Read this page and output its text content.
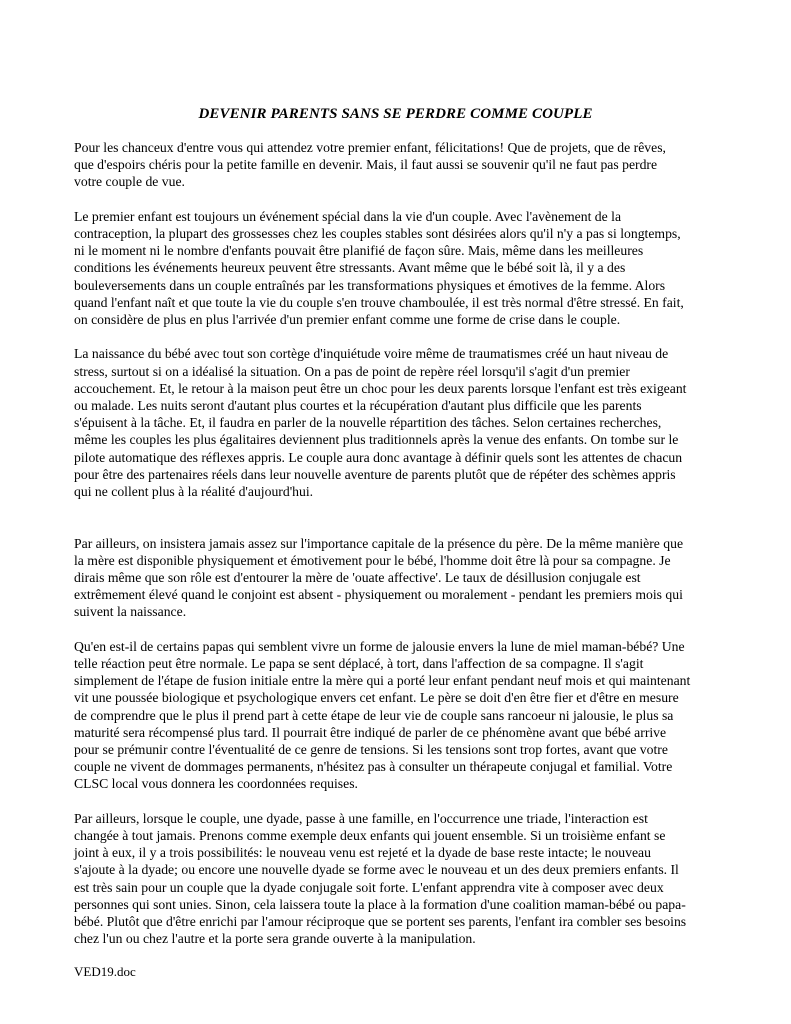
DEVENIR PARENTS SANS SE PERDRE COMME COUPLE

Pour les chanceux d'entre vous qui attendez votre premier enfant, félicitations! Que de projets, que de rêves,
que d'espoirs chéris pour la petite famille en devenir. Mais, il faut aussi se souvenir qu'il ne faut pas perdre
votre couple de vue.

Le premier enfant est toujours un événement spécial dans la vie d'un couple. Avec l'avènement de la
contraception, la plupart des grossesses chez les couples stables sont désirées alors qu'il n'y a pas si longtemps,
ni le moment ni le nombre d'enfants pouvait être planifié de façon sûre. Mais, même dans les meilleures
conditions les événements heureux peuvent être stressants. Avant même que le bébé soit là, il y a des
bouleversements dans un couple entraînés par les transformations physiques et émotives de la femme. Alors
quand l'enfant naît et que toute la vie du couple s'en trouve chamboulée, il est très normal d'être stressé. En fait,
on considère de plus en plus l'arrivée d'un premier enfant comme une forme de crise dans le couple.

La naissance du bébé avec tout son cortège d'inquiétude voire même de traumatismes créé un haut niveau de
stress, surtout si on a idéalisé la situation. On a pas de point de repère réel lorsqu'il s'agit d'un premier
accouchement. Et, le retour à la maison peut être un choc pour les deux parents lorsque l'enfant est très exigeant
ou malade. Les nuits seront d'autant plus courtes et la récupération d'autant plus difficile que les parents
s'épuisent à la tâche. Et, il faudra en parler de la nouvelle répartition des tâches. Selon certaines recherches,
même les couples les plus égalitaires deviennent plus traditionnels après la venue des enfants. On tombe sur le
pilote automatique des réflexes appris. Le couple aura donc avantage à définir quels sont les attentes de chacun
pour être des partenaires réels dans leur nouvelle aventure de parents plutôt que de répéter des schèmes appris
qui ne collent plus à la réalité d'aujourd'hui.

Par ailleurs, on insistera jamais assez sur l'importance capitale de la présence du père. De la même manière que
la mère est disponible physiquement et émotivement pour le bébé, l'homme doit être là pour sa compagne. Je
dirais même que son rôle est d'entourer la mère de 'ouate affective'. Le taux de désillusion conjugale est
extrêmement élevé quand le conjoint est absent - physiquement ou moralement - pendant les premiers mois qui
suivent la naissance.

Qu'en est-il de certains papas qui semblent vivre un forme de jalousie envers la lune de miel maman-bébé? Une
telle réaction peut être normale. Le papa se sent déplacé, à tort, dans l'affection de sa compagne. Il s'agit
simplement de l'étape de fusion initiale entre la mère qui a porté leur enfant pendant neuf mois et qui maintenant
vit une poussée biologique et psychologique envers cet enfant. Le père se doit d'en être fier et d'être en mesure
de comprendre que le plus il prend part à cette étape de leur vie de couple sans rancoeur ni jalousie, le plus sa
maturité sera récompensé plus tard. Il pourrait être indiqué de parler de ce phénomène avant que bébé arrive
pour se prémunir contre l'éventualité de ce genre de tensions. Si les tensions sont trop fortes, avant que votre
couple ne vivent de dommages permanents, n'hésitez pas à consulter un thérapeute conjugal et familial. Votre
CLSC local vous donnera les coordonnées requises.

Par ailleurs, lorsque le couple, une dyade, passe à une famille, en l'occurrence une triade, l'interaction est
changée à tout jamais. Prenons comme exemple deux enfants qui jouent ensemble. Si un troisième enfant se
joint à eux, il y a trois possibilités: le nouveau venu est rejeté et la dyade de base reste intacte; le nouveau
s'ajoute à la dyade; ou encore une nouvelle dyade se forme avec le nouveau et un des deux premiers enfants. Il
est très sain pour un couple que la dyade conjugale soit forte. L'enfant apprendra vite à composer avec deux
personnes qui sont unies. Sinon, cela laissera toute la place à la formation d'une coalition maman-bébé ou papa-
bébé. Plutôt que d'être enrichi par l'amour réciproque que se portent ses parents, l'enfant ira combler ses besoins
chez l'un ou chez l'autre et la porte sera grande ouverte à la manipulation.

VED19.doc
